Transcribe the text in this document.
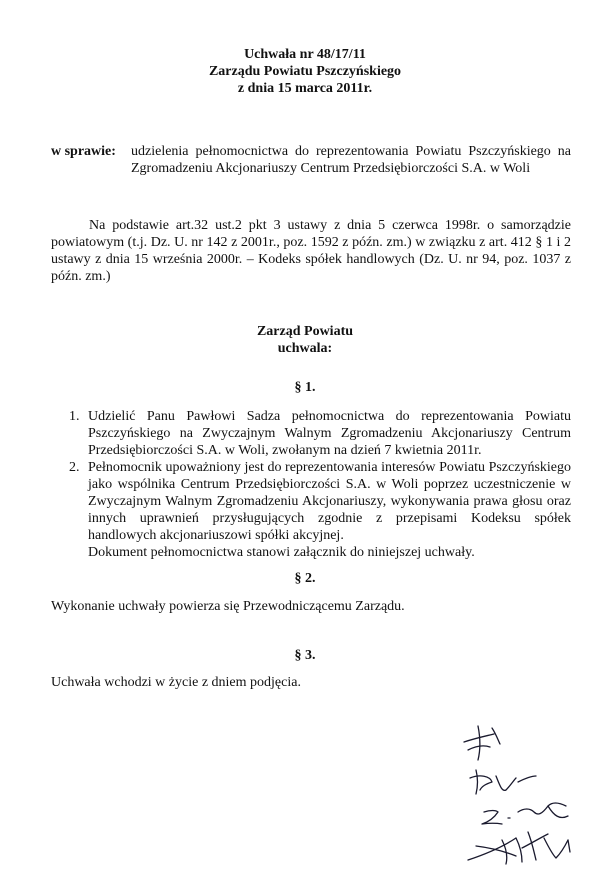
Uchwała nr 48/17/11
Zarządu Powiatu Pszczyńskiego
z dnia 15 marca 2011r.
w sprawie: udzielenia pełnomocnictwa do reprezentowania Powiatu Pszczyńskiego na Zgromadzeniu Akcjonariuszy Centrum Przedsiębiorczości S.A. w Woli
Na podstawie art.32 ust.2 pkt 3 ustawy z dnia 5 czerwca 1998r. o samorządzie powiatowym (t.j. Dz. U. nr 142 z 2001r., poz. 1592 z późn. zm.) w związku z art. 412 § 1 i 2 ustawy z dnia 15 września 2000r. – Kodeks spółek handlowych (Dz. U. nr 94, poz. 1037 z późn. zm.)
Zarząd Powiatu
uchwala:
§ 1.
1. Udzielić Panu Pawłowi Sadza pełnomocnictwa do reprezentowania Powiatu Pszczyńskiego na Zwyczajnym Walnym Zgromadzeniu Akcjonariuszy Centrum Przedsiębiorczości S.A. w Woli, zwołanym na dzień 7 kwietnia 2011r.
2. Pełnomocnik upoważniony jest do reprezentowania interesów Powiatu Pszczyńskiego jako wspólnika Centrum Przedsiębiorczości S.A. w Woli poprzez uczestniczenie w Zwyczajnym Walnym Zgromadzeniu Akcjonariuszy, wykonywania prawa głosu oraz innych uprawnień przysługujących zgodnie z przepisami Kodeksu spółek handlowych akcjonariuszowi spółki akcyjnej.
Dokument pełnomocnictwa stanowi załącznik do niniejszej uchwały.
§ 2.
Wykonanie uchwały powierza się Przewodniczącemu Zarządu.
§ 3.
Uchwała wchodzi w życie z dniem podjęcia.
